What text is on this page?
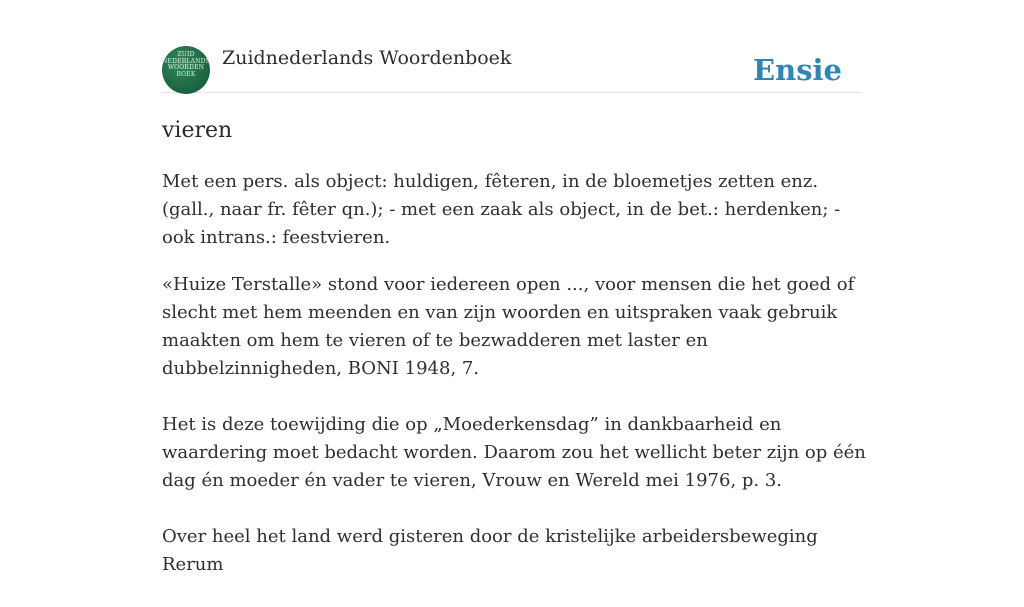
ZUID
NEDERLANDS
WOORDEN
BOEK
Zuidnederlands Woordenboek	Ensie
vieren

Met een pers. als object: huldigen, fêteren, in de bloemetjes zetten enz. (gall., naar fr. fêter qn.); - met een zaak als object, in de bet.: herdenken; - ook intrans.: feestvieren.

«Huize Terstalle» stond voor iedereen open ..., voor mensen die het goed of slecht met hem meenden en van zijn woorden en uitspraken vaak gebruik maakten om hem te vieren of te bezwadderen met laster en dubbelzinnigheden, BONI 1948, 7.

Het is deze toewijding die op „Moederkensdag” in dankbaarheid en waardering moet bedacht worden. Daarom zou het wellicht beter zijn op één dag én moeder én vader te vieren, Vrouw en Wereld mei 1976, p. 3.

Over heel het land werd gisteren door de kristelijke arbeidersbeweging Rerum
